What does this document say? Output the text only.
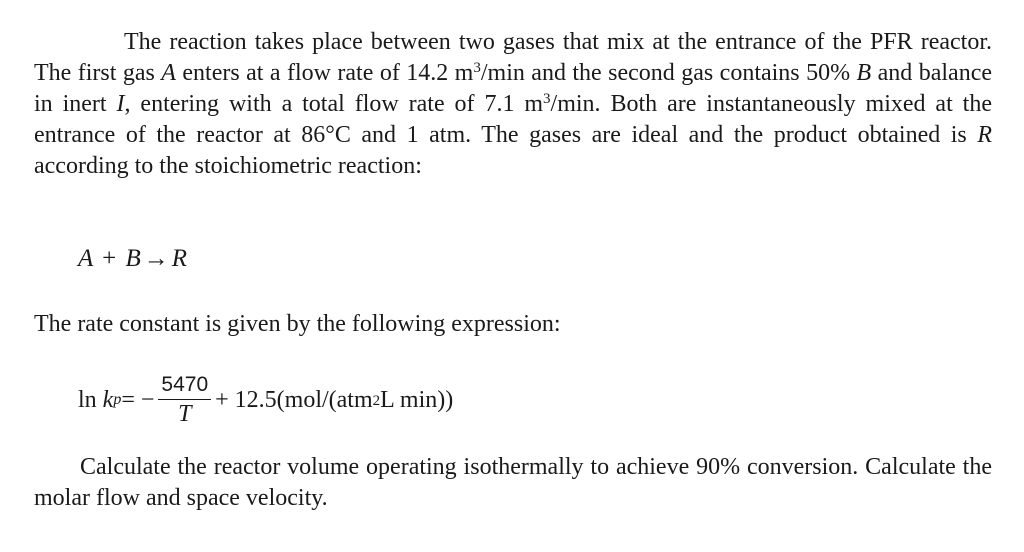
The reaction takes place between two gases that mix at the entrance of the PFR reactor. The first gas A enters at a flow rate of 14.2 $m^3/\min$ and the second gas contains 50% B and balance in inert I, entering with a total flow rate of 7.1 $m^3/\min$. Both are instantaneously mixed at the entrance of the reactor at 86°C and 1 atm. The gases are ideal and the product obtained is R according to the stoichiometric reaction:

A + B → R

The rate constant is given by the following expression:

ln
k p = − $\frac{5470}{T} + 12.5(mol/(atm^2$ L min))

Calculate the reactor volume operating isothermally to achieve 90% conversion. Calculate the molar flow and space velocity.
